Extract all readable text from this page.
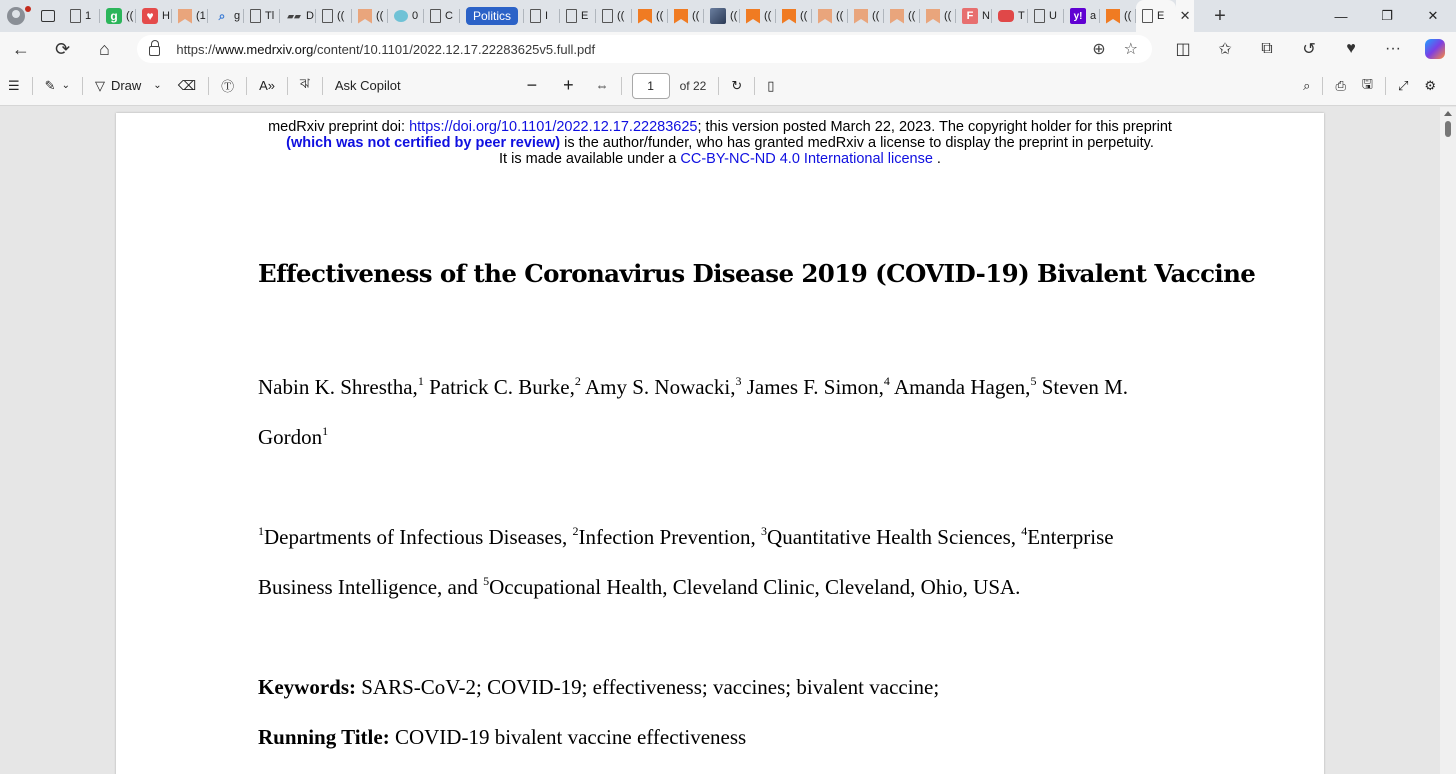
1	g ((	♥ H (1	⌕ g	Tl ▰▰ D ((	((	0	C	Politics	I	E	((	((	((	(( ((	((	((	((	((	((	F N	T U	y! a	(( E ✕	+	—	❐	✕
←	⟳	⌂	https://www.medrxiv.org/content/10.1101/2022.12.17.22283625v5.full.pdf	⊕ ☆	◫	✩	⧉	↺	♥	···
☰ ✎ ⌄ ▽ Draw ⌄ ⌫ Ⓣ A» ঝ Ask Copilot	− + ⇔	1	of 22 ↻ ▯	⌕ ⎙ 🖫 ⤢ ⚙
medRxiv preprint doi: https://doi.org/10.1101/2022.12.17.22283625; this version posted March 22, 2023. The copyright holder for this preprint
(which was not certified by peer review) is the author/funder, who has granted medRxiv a license to display the preprint in perpetuity.
It is made available under a CC-BY-NC-ND 4.0 International license .
Effectiveness of the Coronavirus Disease 2019 (COVID-19) Bivalent Vaccine
Nabin K. Shrestha,$^1$ Patrick C. Burke,$^2$ Amy S. Nowacki,$^3$ James F. Simon,$^4$ Amanda Hagen,$^5$ Steven M.
Gordon$^1$
$^1$Departments of Infectious Diseases, $^2$Infection Prevention, $^3$Quantitative Health Sciences, $^4$Enterprise
Business Intelligence, and $^5$Occupational Health, Cleveland Clinic, Cleveland, Ohio, USA.
Keywords: SARS-CoV-2; COVID-19; effectiveness; vaccines; bivalent vaccine;
Running Title: COVID-19 bivalent vaccine effectiveness
